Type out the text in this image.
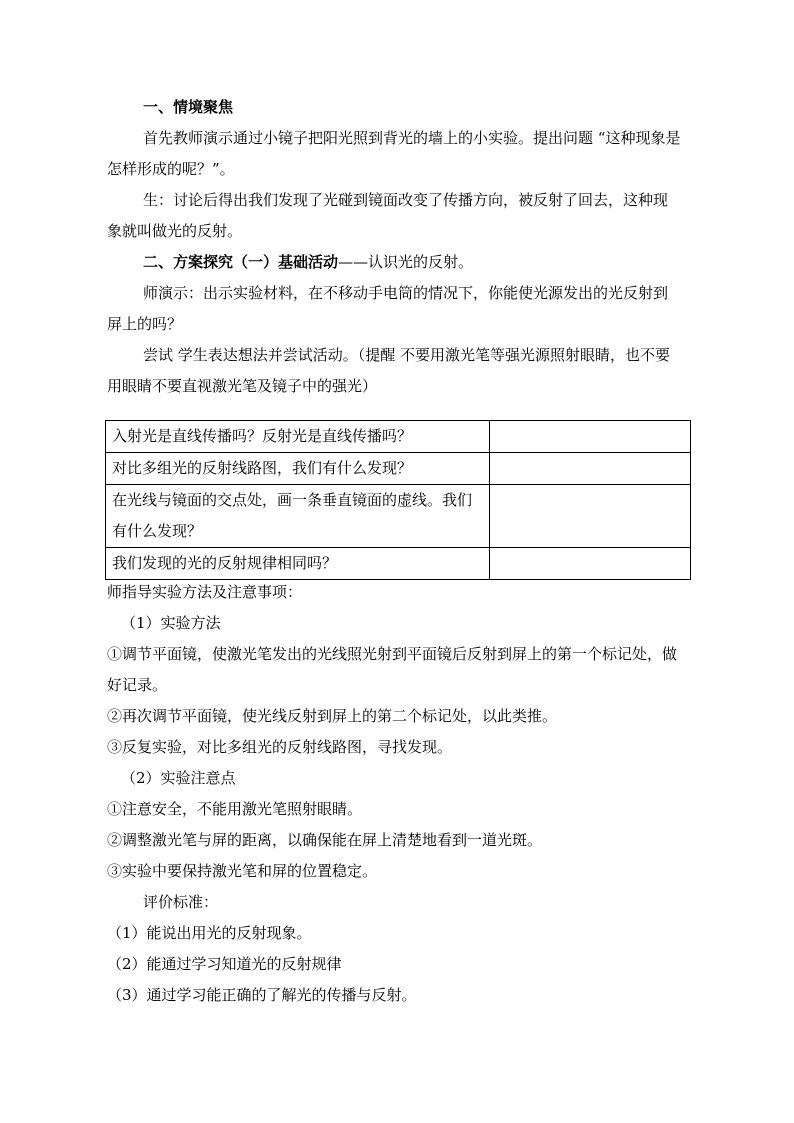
一、情境聚焦

首先教师演示通过小镜子把阳光照到背光的墙上的小实验。提出问题 “这种现象是怎样形成的呢？”。

生：讨论后得出我们发现了光碰到镜面改变了传播方向，被反射了回去，这种现象就叫做光的反射。

二、方案探究（一）基础活动——认识光的反射。

师演示：出示实验材料，在不移动手电筒的情况下，你能使光源发出的光反射到屏上的吗？

尝试 学生表达想法并尝试活动。（提醒 不要用激光笔等强光源照射眼睛，也不要用眼睛不要直视激光笔及镜子中的强光）

入射光是直线传播吗？反射光是直线传播吗？	
对比多组光的反射线路图，我们有什么发现？	
在光线与镜面的交点处，画一条垂直镜面的虚线。我们有什么发现？	
我们发现的光的反射规律相同吗？	

师指导实验方法及注意事项：

（1）实验方法

①调节平面镜，使激光笔发出的光线照光射到平面镜后反射到屏上的第一个标记处，做好记录。

②再次调节平面镜，使光线反射到屏上的第二个标记处，以此类推。

③反复实验，对比多组光的反射线路图，寻找发现。

（2）实验注意点

①注意安全，不能用激光笔照射眼睛。

②调整激光笔与屏的距离，以确保能在屏上清楚地看到一道光斑。

③实验中要保持激光笔和屏的位置稳定。

评价标准：

（1）能说出用光的反射现象。

（2）能通过学习知道光的反射规律

（3）通过学习能正确的了解光的传播与反射。
